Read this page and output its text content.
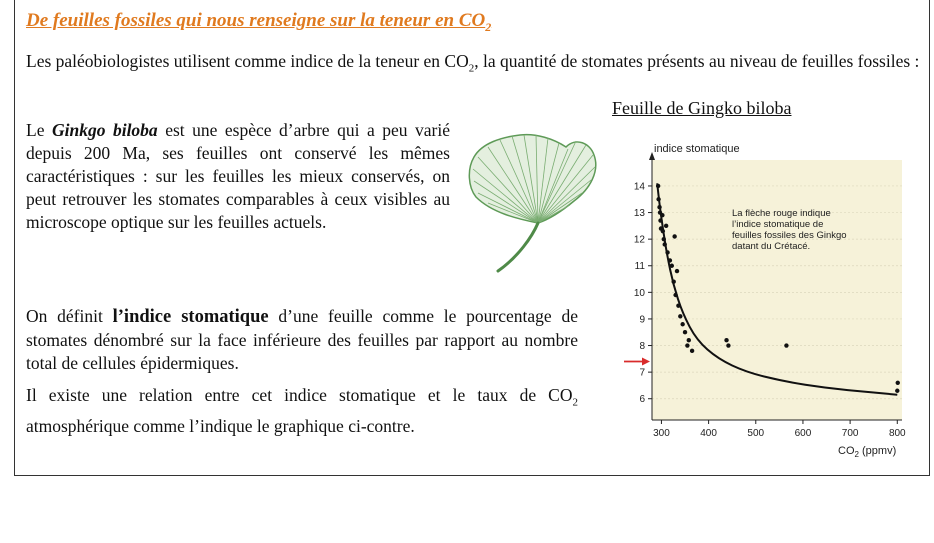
De feuilles fossiles qui nous renseigne sur la teneur en $CO_2$
Les paléobiologistes utilisent comme indice de la teneur en $CO_2$, la quantité de stomates présents au niveau de feuilles fossiles :
Le Ginkgo biloba est une espèce d’arbre qui a peu varié depuis 200 Ma, ses feuilles ont conservé les mêmes caractéristiques : sur les feuilles les mieux conservés, on peut retrouver les stomates comparables à ceux visibles au microscope optique sur les feuilles actuels.
On définit l’indice stomatique d’une feuille comme le pourcentage de stomates dénombré sur la face inférieure des feuilles par rapport au nombre total de cellules épidermiques.
Il existe une relation entre cet indice stomatique et le taux de $CO_2$ atmosphérique comme l’indique le graphique ci-contre.
Feuille de Gingko biloba
indice stomatique
6
7
8
9
10
11
12
13
14
300	400	500	600	700	800
La flèche rouge indique l’indice stomatique de feuilles fossiles des Ginkgo datant du Crétacé.
$CO_2$ (ppmv)
